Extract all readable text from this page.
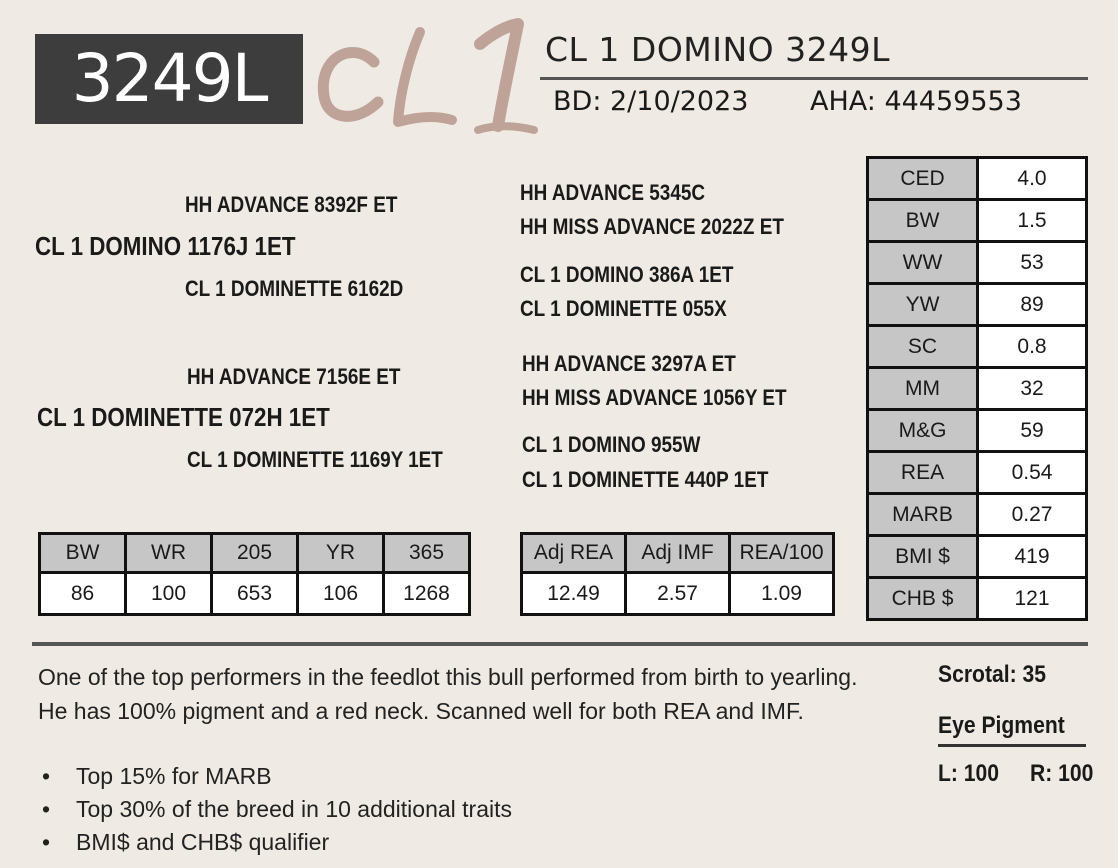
3249L	CL 1 DOMINO 3249L
BD: 2/10/2023 AHA: 44459553
HH ADVANCE 8392F ET
CL 1 DOMINO 1176J 1ET
CL 1 DOMINETTE 6162D
HH ADVANCE 5345C
HH MISS ADVANCE 2022Z ET
CL 1 DOMINO 386A 1ET
CL 1 DOMINETTE 055X
HH ADVANCE 7156E ET
CL 1 DOMINETTE 072H 1ET
CL 1 DOMINETTE 1169Y 1ET
HH ADVANCE 3297A ET
HH MISS ADVANCE 1056Y ET
CL 1 DOMINO 955W
CL 1 DOMINETTE 440P 1ET
CED	4.0
BW	1.5
WW	53
YW	89
SC	0.8
MM	32
M&G	59
REA	0.54
MARB	0.27
BMI $	419
CHB $	121
BW	WR	205	YR	365
86	100	653	106	1268
Adj REA	Adj IMF	REA/100
12.49	2.57	1.09

One of the top performers in the feedlot this bull performed from birth to yearling. He has 100% pigment and a red neck. Scanned well for both REA and IMF.

• Top 15% for MARB
• Top 30% of the breed in 10 additional traits
• BMI$ and CHB$ qualifier
Scrotal: 35
Eye Pigment
L: 100 R: 100
